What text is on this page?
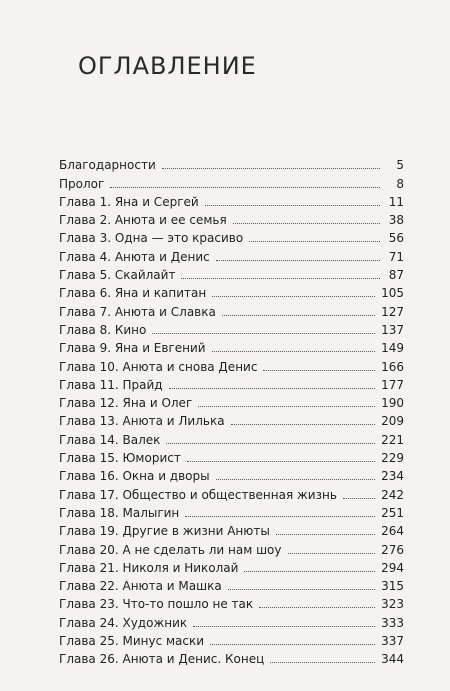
ОГЛАВЛЕНИЕ
Благодарности	5
Пролог	8
Глава 1. Яна и Сергей	11
Глава 2. Анюта и ее семья	38
Глава 3. Одна — это красиво	56
Глава 4. Анюта и Денис	71
Глава 5. Скайлайт	87
Глава 6. Яна и капитан	105
Глава 7. Анюта и Славка	127
Глава 8. Кино	137
Глава 9. Яна и Евгений	149
Глава 10. Анюта и снова Денис	166
Глава 11. Прайд	177
Глава 12. Яна и Олег	190
Глава 13. Анюта и Лилька	209
Глава 14. Валек	221
Глава 15. Юморист	229
Глава 16. Окна и дворы	234
Глава 17. Общество и общественная жизнь	242
Глава 18. Малыгин	251
Глава 19. Другие в жизни Анюты	264
Глава 20. А не сделать ли нам шоу	276
Глава 21. Николя и Николай	294
Глава 22. Анюта и Машка	315
Глава 23. Что-то пошло не так	323
Глава 24. Художник	333
Глава 25. Минус маски	337
Глава 26. Анюта и Денис. Конец	344
